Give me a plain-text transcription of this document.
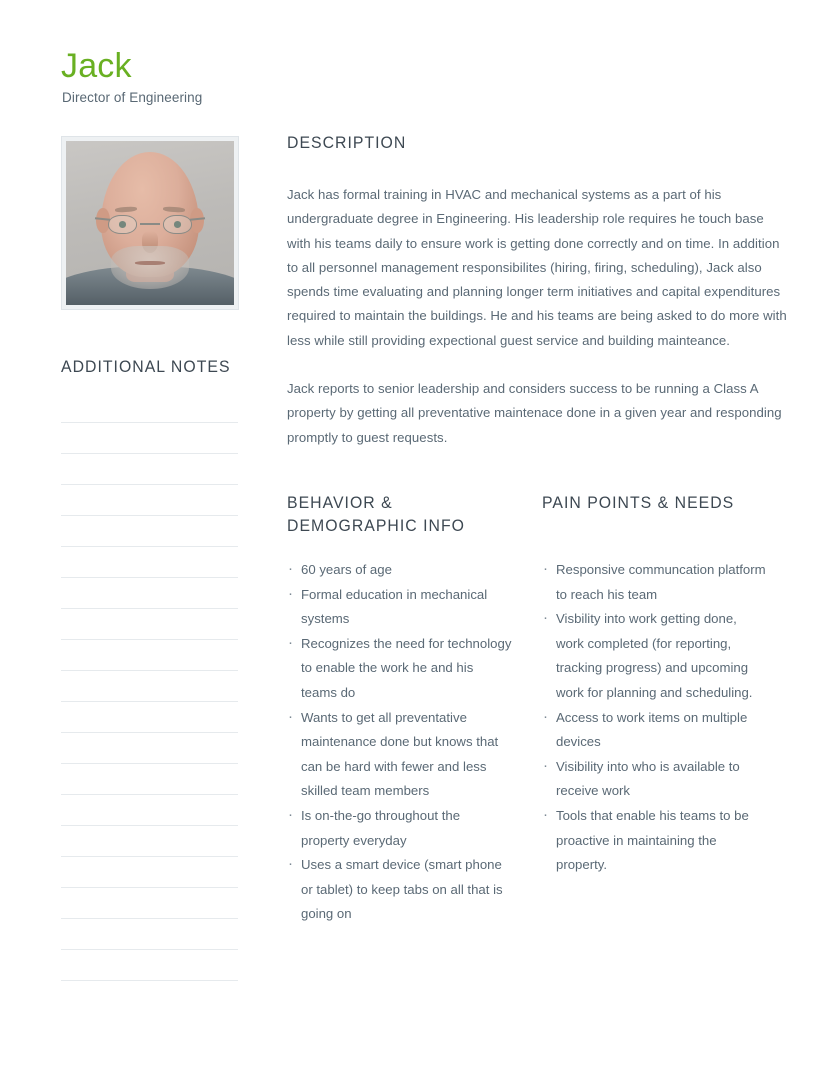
Jack
Director of Engineering
ADDITIONAL NOTES
DESCRIPTION

Jack has formal training in HVAC and mechanical systems as a part of his undergraduate degree in Engineering. His leadership role requires he touch base with his teams daily to ensure work is getting done correctly and on time. In addition to all personnel management responsibilites (hiring, firing, scheduling), Jack also spends time evaluating and planning longer term initiatives and capital expenditures required to maintain the buildings. He and his teams are being asked to do more with less while still providing expectional guest service and building mainteance.

Jack reports to senior leadership and considers success to be running a Class A property by getting all preventative maintenace done in a given year and responding promptly to guest requests.

BEHAVIOR & DEMOGRAPHIC INFO
· 60 years of age
· Formal education in mechanical systems
· Recognizes the need for technology to enable the work he and his teams do
· Wants to get all preventative maintenance done but knows that can be hard with fewer and less skilled team members
· Is on-the-go throughout the property everyday
· Uses a smart device (smart phone or tablet) to keep tabs on all that is going on
PAIN POINTS & NEEDS
· Responsive communcation platform to reach his team
· Visbility into work getting done, work completed (for reporting, tracking progress) and upcoming work for planning and scheduling.
· Access to work items on multiple devices
· Visibility into who is available to receive work
· Tools that enable his teams to be proactive in maintaining the property.
